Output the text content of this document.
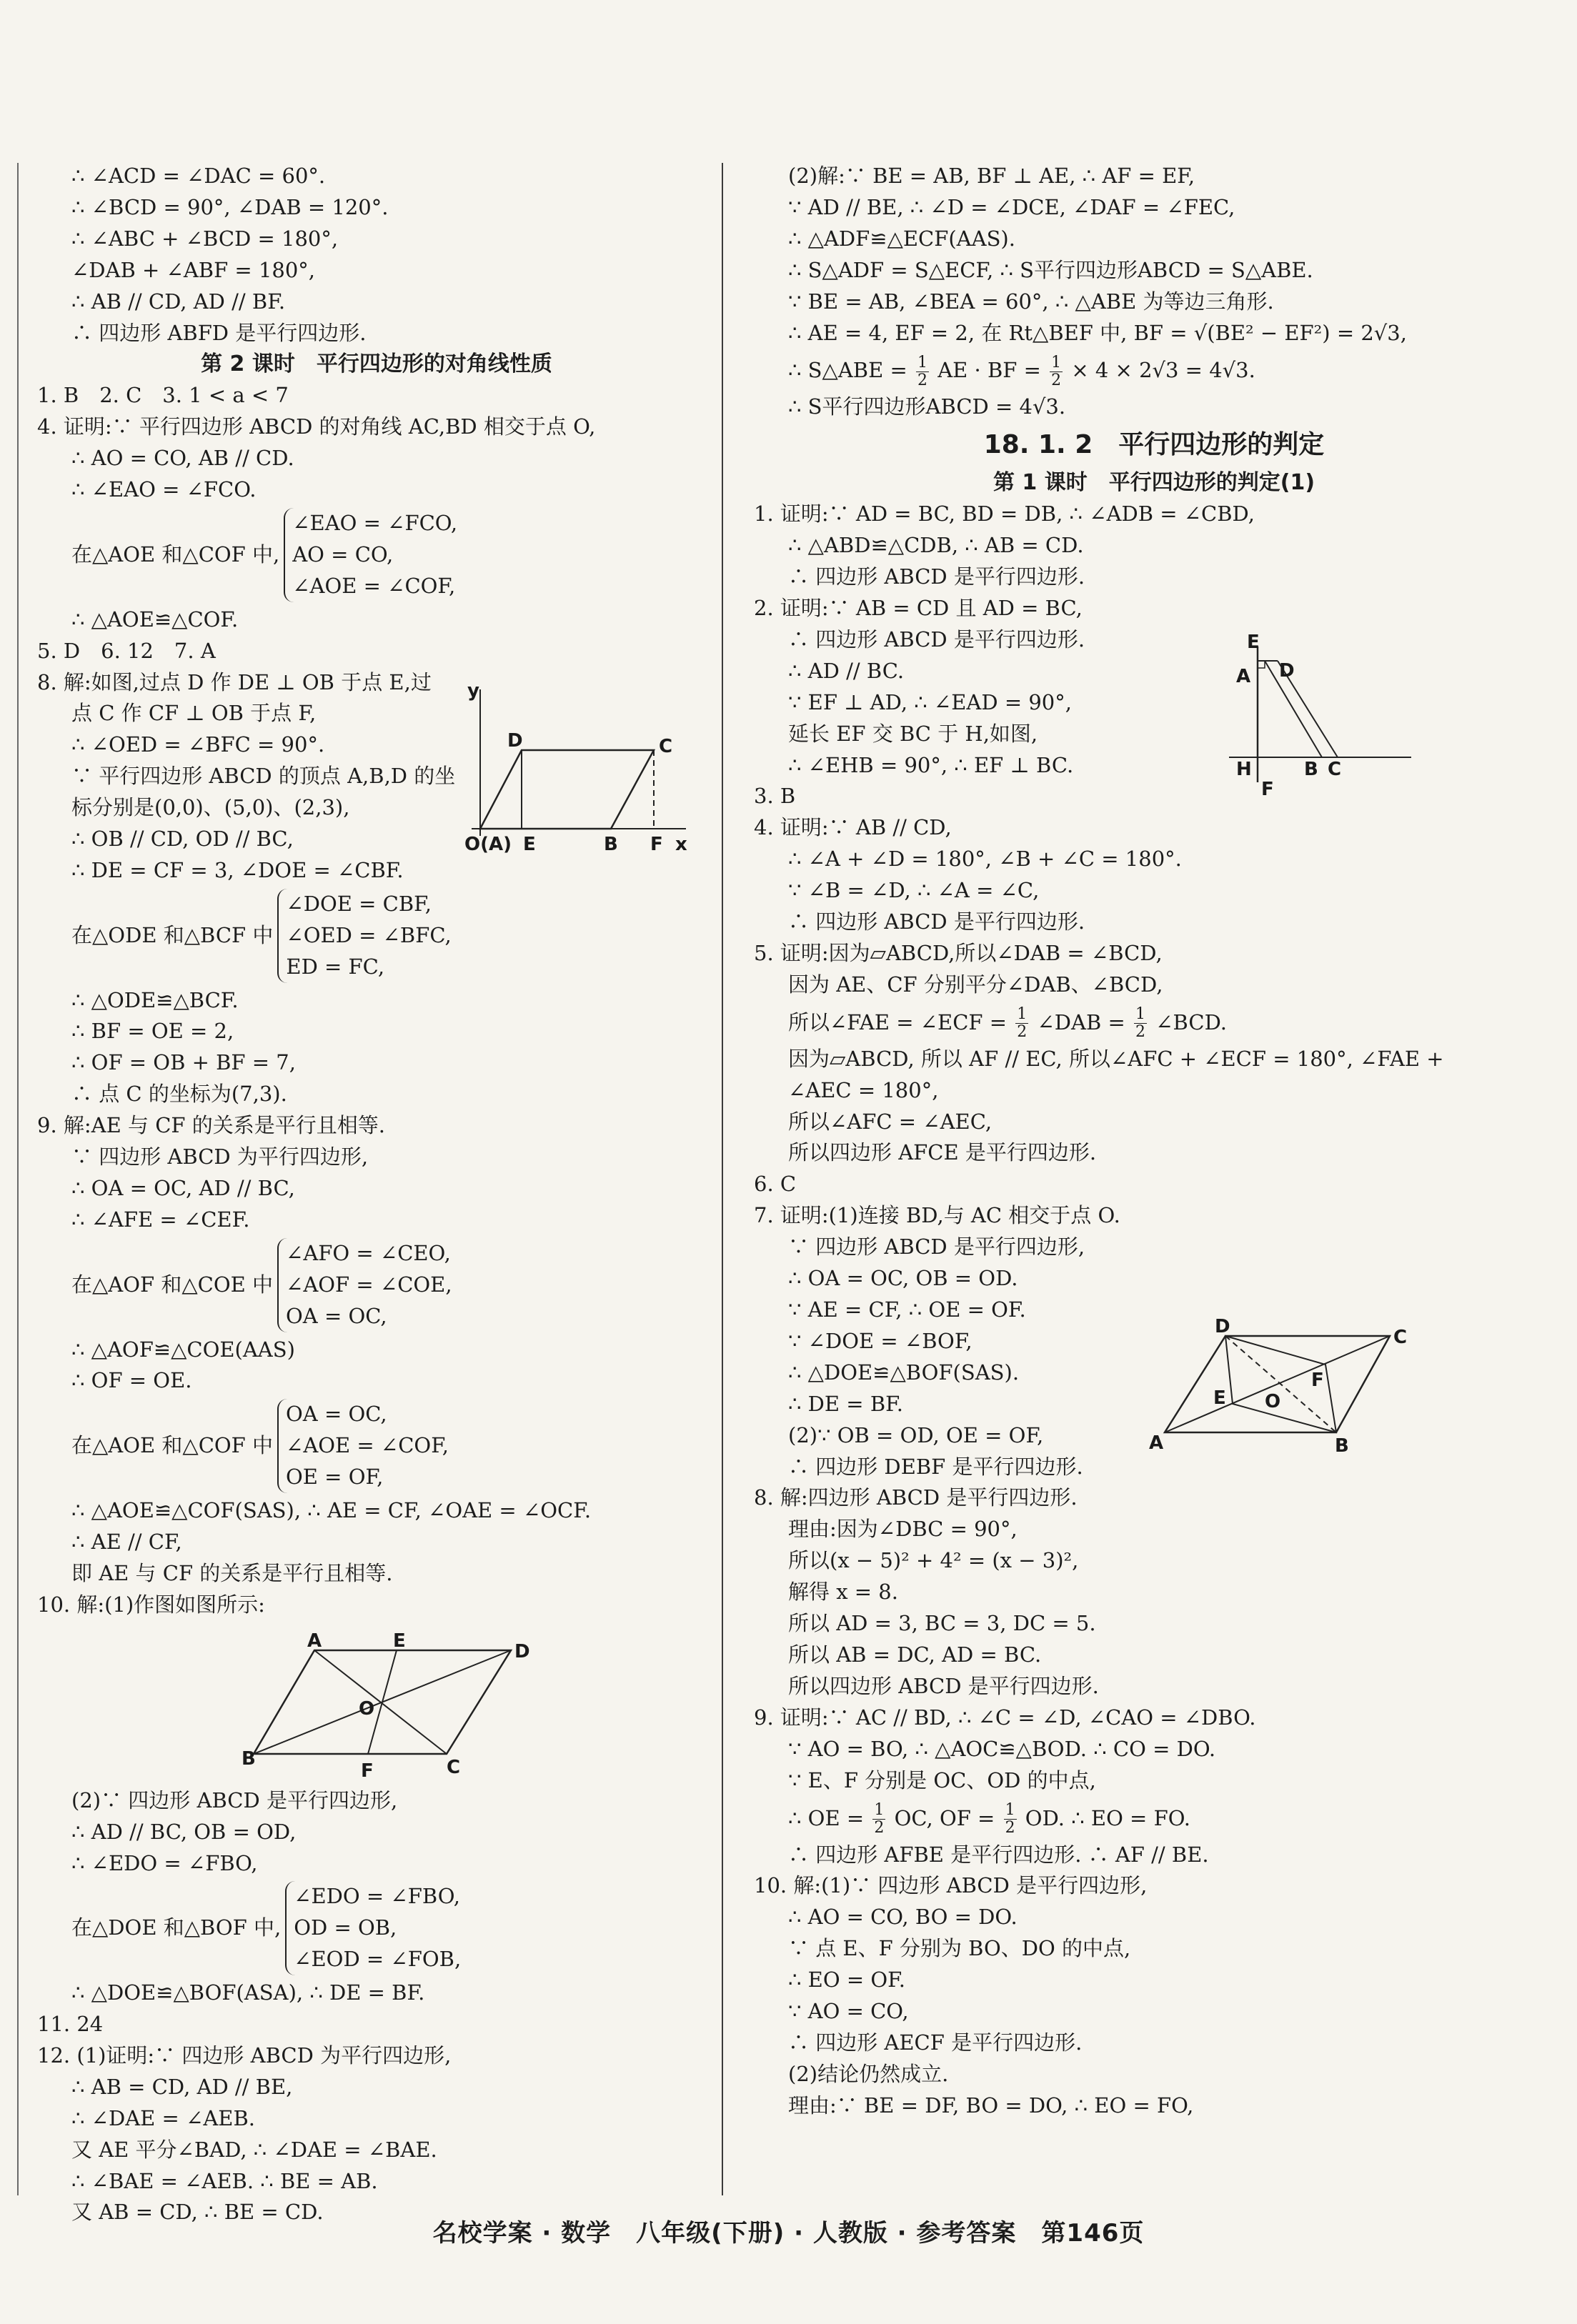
∴ ∠ACD = ∠DAC = 60°.
∴ ∠BCD = 90°, ∠DAB = 120°.
∴ ∠ABC + ∠BCD = 180°,
∠DAB + ∠ABF = 180°,
∴ AB // CD, AD // BF.
∴ 四边形 ABFD 是平行四边形.
第 2 课时　平行四边形的对角线性质
1. B　2. C　3. 1 < a < 7
4. 证明:∵ 平行四边形 ABCD 的对角线 AC,BD 相交于点 O,
∴ AO = CO, AB // CD.
∴ ∠EAO = ∠FCO.
在△AOE 和△COF 中,
∠EAO = ∠FCO,
AO = CO,
∠AOE = ∠COF,
∴ △AOE≌△COF.
5. D　6. 12　7. A
8. 解:如图,过点 D 作 DE ⊥ OB 于点 E,过
点 C 作 CF ⊥ OB 于点 F,
∴ ∠OED = ∠BFC = 90°.
∵ 平行四边形 ABCD 的顶点 A,B,D 的坐
标分别是(0,0)、(5,0)、(2,3),
∴ OB // CD, OD // BC,
∴ DE = CF = 3, ∠DOE = ∠CBF.
在△ODE 和△BCF 中
∠DOE = CBF,
∠OED = ∠BFC,
ED = FC,
∴ △ODE≌△BCF.
∴ BF = OE = 2,
∴ OF = OB + BF = 7,
∴ 点 C 的坐标为(7,3).
9. 解:AE 与 CF 的关系是平行且相等.
∵ 四边形 ABCD 为平行四边形,
∴ OA = OC, AD // BC,
∴ ∠AFE = ∠CEF.
在△AOF 和△COE 中
∠AFO = ∠CEO,
∠AOF = ∠COE,
OA = OC,
∴ △AOF≌△COE(AAS)
∴ OF = OE.
在△AOE 和△COF 中
OA = OC,
∠AOE = ∠COF,
OE = OF,
∴ △AOE≌△COF(SAS), ∴ AE = CF, ∠OAE = ∠OCF.
∴ AE // CF,
即 AE 与 CF 的关系是平行且相等.
10. 解:(1)作图如图所示:
(2)∵ 四边形 ABCD 是平行四边形,
∴ AD // BC, OB = OD,
∴ ∠EDO = ∠FBO,
在△DOE 和△BOF 中,
∠EDO = ∠FBO,
OD = OB,
∠EOD = ∠FOB,
∴ △DOE≌△BOF(ASA), ∴ DE = BF.
11. 24
12. (1)证明:∵ 四边形 ABCD 为平行四边形,
∴ AB = CD, AD // BE,
∴ ∠DAE = ∠AEB.
又 AE 平分∠BAD, ∴ ∠DAE = ∠BAE.
∴ ∠BAE = ∠AEB. ∴ BE = AB.
又 AB = CD, ∴ BE = CD.
y
D	C
O(A) E	B F x
A	E	D
O
B
F	C
(2)解:∵ BE = AB, BF ⊥ AE, ∴ AF = EF,
∵ AD // BE, ∴ ∠D = ∠DCE, ∠DAF = ∠FEC,
∴ △ADF≌△ECF(AAS).
∴ S△ADF = S△ECF, ∴ S平行四边形ABCD = S△ABE.
∵ BE = AB, ∠BEA = 60°, ∴ △ABE 为等边三角形.
∴ AE = 4, EF = 2, 在 Rt△BEF 中, BF = √(BE² − EF²) = 2√3,
∴ S△ABE = $\frac{1}{2}$ AE · BF = $\frac{1}{2} \times 4 \times 2√3 = 4√3$.
∴ S平行四边形ABCD = 4√3.
18. 1. 2　平行四边形的判定
第 1 课时　平行四边形的判定(1)
1. 证明:∵ AD = BC, BD = DB, ∴ ∠ADB = ∠CBD,
∴ △ABD≌△CDB, ∴ AB = CD.
∴ 四边形 ABCD 是平行四边形.
2. 证明:∵ AB = CD 且 AD = BC,
∴ 四边形 ABCD 是平行四边形.
∴ AD // BC.
∵ EF ⊥ AD, ∴ ∠EAD = 90°,
延长 EF 交 BC 于 H,如图,
∴ ∠EHB = 90°, ∴ EF ⊥ BC.
3. B
4. 证明:∵ AB // CD,
∴ ∠A + ∠D = 180°, ∠B + ∠C = 180°.
∵ ∠B = ∠D, ∴ ∠A = ∠C,
∴ 四边形 ABCD 是平行四边形.
5. 证明:因为▱ABCD,所以∠DAB = ∠BCD,
因为 AE、CF 分别平分∠DAB、∠BCD,
所以∠FAE = ∠ECF = $\frac{1}{2}$ ∠DAB = $\frac{1}{2}$ ∠BCD.
因为▱ABCD, 所以 AF // EC, 所以∠AFC + ∠ECF = 180°, ∠FAE +
∠AEC = 180°,
所以∠AFC = ∠AEC,
所以四边形 AFCE 是平行四边形.
6. C
7. 证明:(1)连接 BD,与 AC 相交于点 O.
∵ 四边形 ABCD 是平行四边形,
∴ OA = OC, OB = OD.
∵ AE = CF, ∴ OE = OF.
∵ ∠DOE = ∠BOF,
∴ △DOE≌△BOF(SAS).
∴ DE = BF.
(2)∵ OB = OD, OE = OF,
∴ 四边形 DEBF 是平行四边形.
8. 解:四边形 ABCD 是平行四边形.
理由:因为∠DBC = 90°,
所以(x − 5)² + 4² = (x − 3)²,
解得 x = 8.
所以 AD = 3, BC = 3, DC = 5.
所以 AB = DC, AD = BC.
所以四边形 ABCD 是平行四边形.
9. 证明:∵ AC // BD, ∴ ∠C = ∠D, ∠CAO = ∠DBO.
∵ AO = BO, ∴ △AOC≌△BOD. ∴ CO = DO.
∵ E、F 分别是 OC、OD 的中点,
∴ OE = $\frac{1}{2}$ OC, OF = $\frac{1}{2}$ OD. ∴ EO = FO.
∴ 四边形 AFBE 是平行四边形. ∴ AF // BE.
10. 解:(1)∵ 四边形 ABCD 是平行四边形,
∴ AO = CO, BO = DO.
∵ 点 E、F 分别为 BO、DO 的中点,
∴ EO = OF.
∵ AO = CO,
∴ 四边形 AECF 是平行四边形.
(2)结论仍然成立.
理由:∵ BE = DF, BO = DO, ∴ EO = FO,
E
A D
H	B C
F
D	C
E O
F
A	B
名校学案 · 数学　八年级(下册) · 人教版 · 参考答案　第146页
